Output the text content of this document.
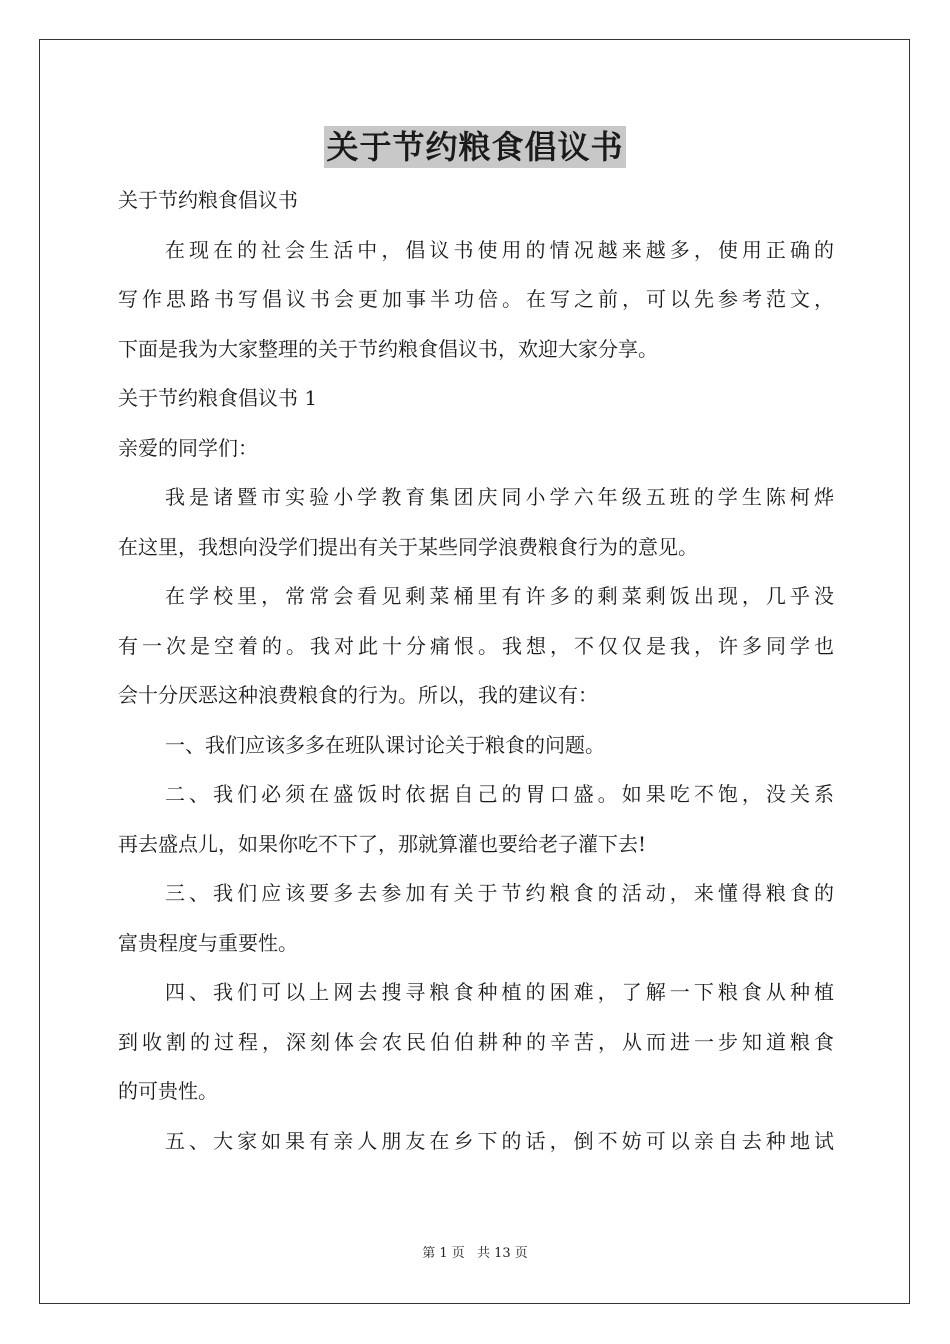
关于节约粮食倡议书
关于节约粮食倡议书
在现在的社会生活中，倡议书使用的情况越来越多，使用正确的
写作思路书写倡议书会更加事半功倍。在写之前，可以先参考范文，
下面是我为大家整理的关于节约粮食倡议书，欢迎大家分享。
关于节约粮食倡议书 1
亲爱的同学们：
我是诸暨市实验小学教育集团庆同小学六年级五班的学生陈柯烨
在这里，我想向没学们提出有关于某些同学浪费粮食行为的意见。
在学校里，常常会看见剩菜桶里有许多的剩菜剩饭出现，几乎没
有一次是空着的。我对此十分痛恨。我想，不仅仅是我，许多同学也
会十分厌恶这种浪费粮食的行为。所以，我的建议有：
一、我们应该多多在班队课讨论关于粮食的问题。
二、我们必须在盛饭时依据自己的胃口盛。如果吃不饱，没关系
再去盛点儿，如果你吃不下了，那就算灌也要给老子灌下去!
三、我们应该要多去参加有关于节约粮食的活动，来懂得粮食的
富贵程度与重要性。
四、我们可以上网去搜寻粮食种植的困难，了解一下粮食从种植
到收割的过程，深刻体会农民伯伯耕种的辛苦，从而进一步知道粮食
的可贵性。
五、大家如果有亲人朋友在乡下的话，倒不妨可以亲自去种地试
第 1 页 共 13 页
